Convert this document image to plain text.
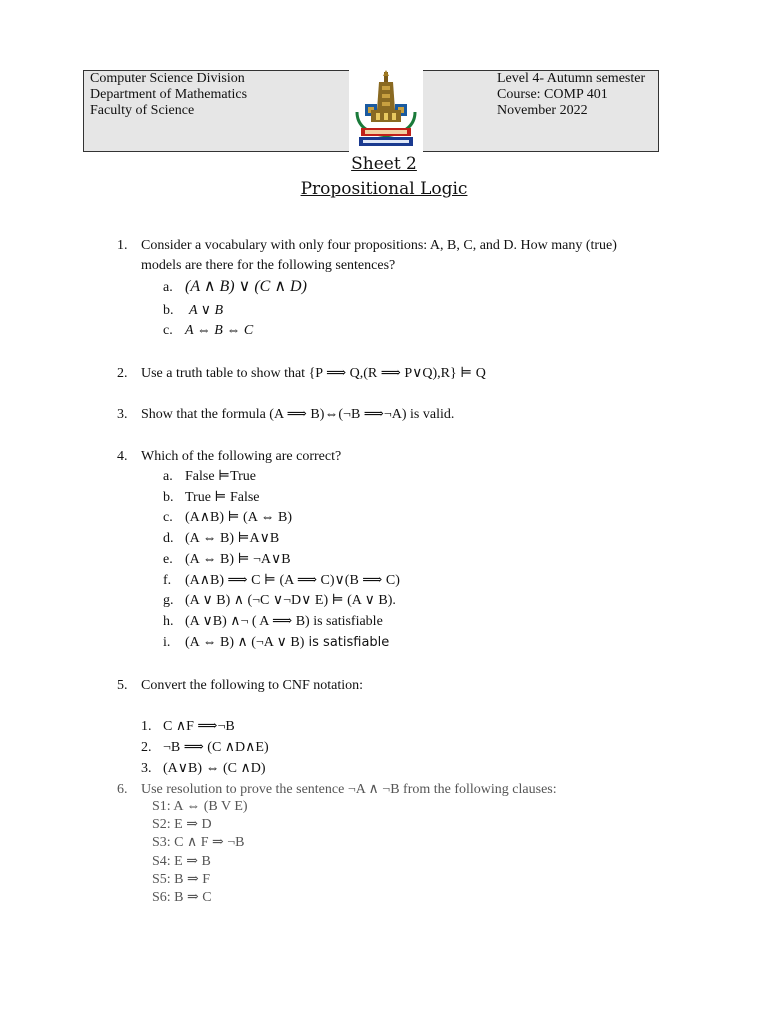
Computer Science Division
Department of Mathematics
Faculty of Science
Level 4- Autumn semester
Course: COMP 401
November 2022
Sheet 2
Propositional Logic
1. Consider a vocabulary with only four propositions: A, B, C, and D. How many (true)
models are there for the following sentences?
a. (A ∧ B) ∨ (C ∧ D)
b. A ∨ B
c. A ⇔ B ⇔ C
2. Use a truth table to show that {P ⟹ Q,(R ⟹ P∨Q),R} ⊨ Q
3. Show that the formula (A ⟹ B)⇔(¬B ⟹¬A) is valid.
4. Which of the following are correct?
a. False ⊨True
b. True ⊨ False
c. (A∧B) ⊨ (A ⇔ B)
d. (A ⇔ B) ⊨A∨B
e. (A ⇔ B) ⊨ ¬A∨B
f. (A∧B) ⟹ C ⊨ (A ⟹ C)∨(B ⟹ C)
g. (A ∨ B) ∧ (¬C ∨¬D∨ E) ⊨ (A ∨ B).
h. (A ∨B) ∧¬ ( A ⟹ B) is satisfiable
i. (A ⇔ B) ∧ (¬A ∨ B) is satisfiable
5. Convert the following to CNF notation:
1. C ∧F ⟹¬B
2. ¬B ⟹ (C ∧D∧E)
3. (A∨B) ⇔ (C ∧D)
6. Use resolution to prove the sentence ¬A ∧ ¬B from the following clauses:
S1: A ⇔ (B V E)
S2: E ⇒ D
S3: C ∧ F ⇒ ¬B
S4: E ⇒ B
S5: B ⇒ F
S6: B ⇒ C
